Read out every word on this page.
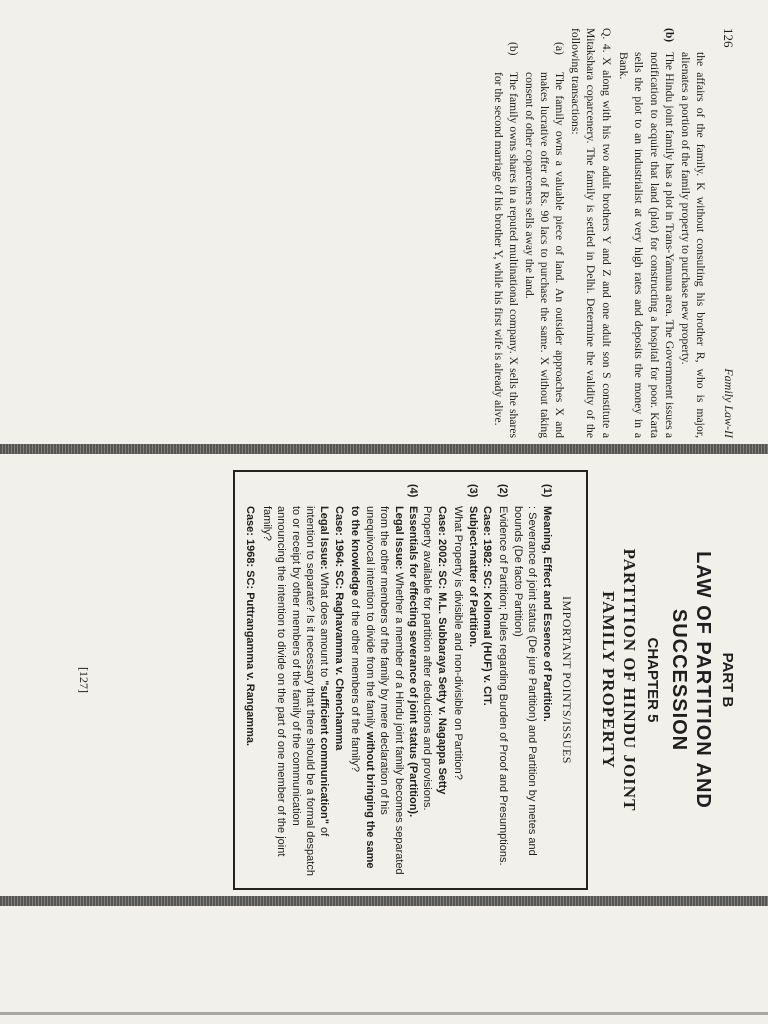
126
Family Law-II

the affairs of the family. K without consulting his brother R, who is major, alienates a portion of the family property to purchase new property.

(b)
The Hindu joint family has a plot in Trans-Yamuna area. The Government issues a notification to acquire that land (plot) for constructing a hospital for poor. Karta sells the plot to an industrialist at very high rates and deposits the money in a Bank.

Q. 4. X along with his two adult brothers Y and Z and one adult son S constitute a Mitakshara coparcenery. The family is settled in Delhi. Determine the validity of the following transactions:

(a)
The family owns a valuable piece of land. An outsider approaches X and makes lucrative offer of Rs. 90 lacs to purchase the same. X without taking consent of other coparceners sells away the land.
(b)
The family owns shares in a reputed multinational company. X sells the shares for the second marriage of his brother Y, while his first wife is already alive.
PART B
LAW OF PARTITION AND
SUCCESSION
CHAPTER 5
PARTITION OF HINDU JOINT
FAMILY PROPERTY
IMPORTANT POINTS/ISSUES
(1)
Meaning, Effect and Essence of Partition.
: Severance of joint status (De jure Partition) and Partition by metes and bounds (De facto Partition)
(2)
Evidence of Partition; Rules regarding Burden of Proof and Presumptions.
Case: 1982: SC: Kollomal (HUF) v. CIT.
(3)
Subject-matter of Partition.
What Property is divisible and non-divisible on Partition?
Case: 2002: SC: M.L. Subbaraya Setty v. Nagappa Setty
Property available for partition after deductions and provisions.
(4)
Essentials for effecting severance of joint status (Partition).
Legal Issue: Whether a member of a Hindu joint family becomes separated from the other members of the family by mere declaration of his unequivocal intention to divide from the family without bringing the same to the knowledge of the other members of the family?
Case: 1964: SC: Raghavamma v. Chenchamma
Legal Issue: What does amount to "sufficient communication" of intention to separate? Is it necessary that there should be a formal despatch to or receipt by other members of the family of the communication announcing the intention to divide on the part of one member of the joint family?
Case: 1968: SC: Puttrangamma v. Rangamma.
[127]
